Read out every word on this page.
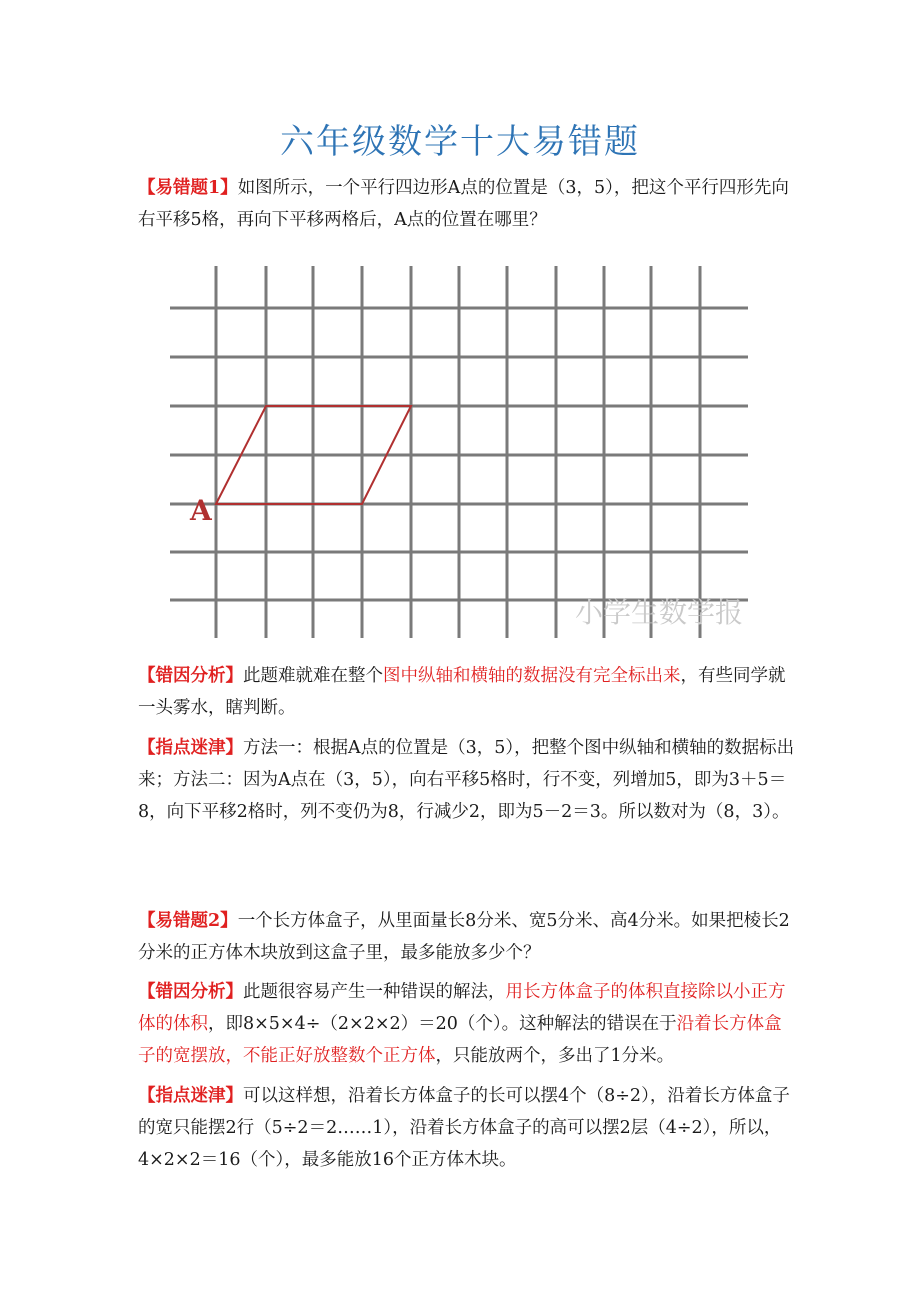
六年级数学十大易错题

【易错题1】如图所示，一个平行四边形A点的位置是（3，5），把这个平行四形先向右平移5格，再向下平移两格后，A点的位置在哪里？

A
小学生数学报

【错因分析】此题难就难在整个图中纵轴和横轴的数据没有完全标出来，有些同学就一头雾水，瞎判断。

【指点迷津】方法一：根据A点的位置是（3，5），把整个图中纵轴和横轴的数据标出来；方法二：因为A点在（3，5），向右平移5格时，行不变，列增加5，即为3＋5＝8，向下平移2格时，列不变仍为8，行减少2，即为5－2＝3。所以数对为（8，3）。

【易错题2】一个长方体盒子，从里面量长8分米、宽5分米、高4分米。如果把棱长2分米的正方体木块放到这盒子里，最多能放多少个？

【错因分析】此题很容易产生一种错误的解法，用长方体盒子的体积直接除以小正方体的体积，即8×5×4÷（2×2×2）＝20（个）。这种解法的错误在于沿着长方体盒子的宽摆放，不能正好放整数个正方体，只能放两个，多出了1分米。

【指点迷津】可以这样想，沿着长方体盒子的长可以摆4个（8÷2），沿着长方体盒子的宽只能摆2行（5÷2＝2……1），沿着长方体盒子的高可以摆2层（4÷2），所以，4×2×2＝16（个），最多能放16个正方体木块。
